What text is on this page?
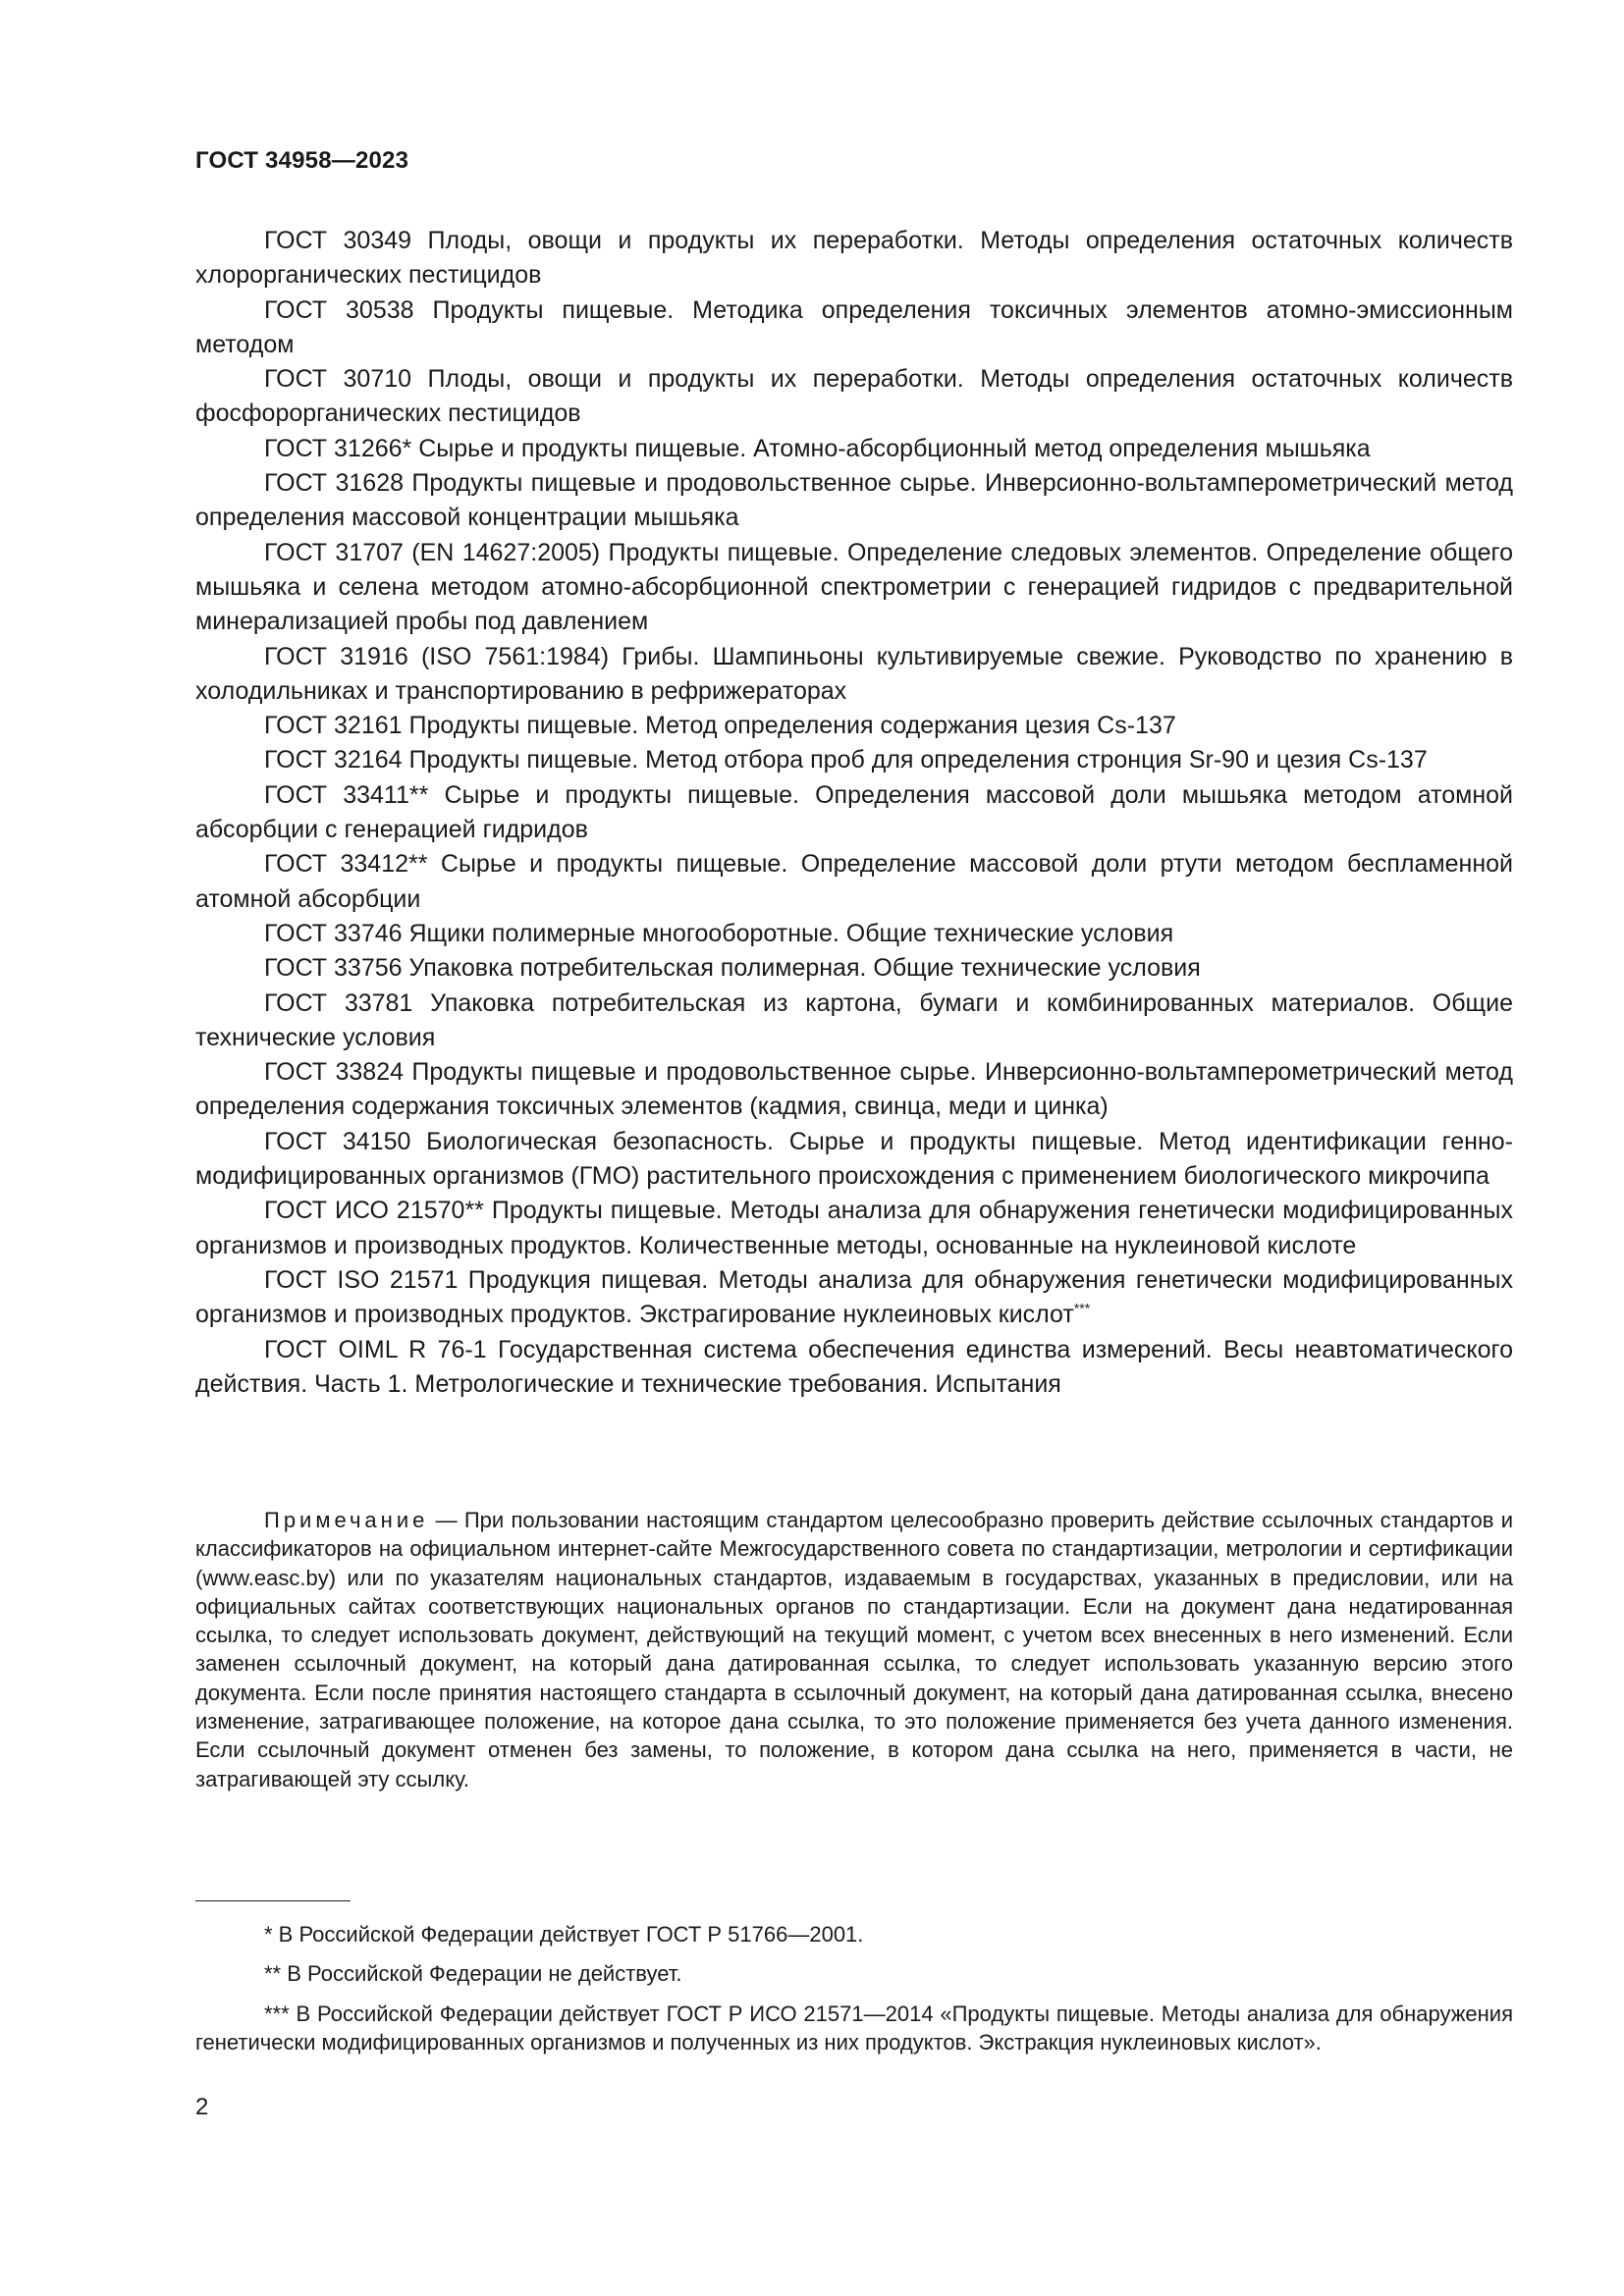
ГОСТ 34958—2023

ГОСТ 30349 Плоды, овощи и продукты их переработки. Методы определения остаточных количеств хлорорганических пестицидов

ГОСТ 30538 Продукты пищевые. Методика определения токсичных элементов атомно-эмиссионным методом

ГОСТ 30710 Плоды, овощи и продукты их переработки. Методы определения остаточных количеств фосфорорганических пестицидов

ГОСТ 31266* Сырье и продукты пищевые. Атомно-абсорбционный метод определения мышьяка

ГОСТ 31628 Продукты пищевые и продовольственное сырье. Инверсионно-вольтамперометрический метод определения массовой концентрации мышьяка

ГОСТ 31707 (EN 14627:2005) Продукты пищевые. Определение следовых элементов. Определение общего мышьяка и селена методом атомно-абсорбционной спектрометрии с генерацией гидридов с предварительной минерализацией пробы под давлением

ГОСТ 31916 (ISO 7561:1984) Грибы. Шампиньоны культивируемые свежие. Руководство по хранению в холодильниках и транспортированию в рефрижераторах

ГОСТ 32161 Продукты пищевые. Метод определения содержания цезия Cs-137

ГОСТ 32164 Продукты пищевые. Метод отбора проб для определения стронция Sr-90 и цезия Cs-137

ГОСТ 33411** Сырье и продукты пищевые. Определения массовой доли мышьяка методом атомной абсорбции с генерацией гидридов

ГОСТ 33412** Сырье и продукты пищевые. Определение массовой доли ртути методом беспламенной атомной абсорбции

ГОСТ 33746 Ящики полимерные многооборотные. Общие технические условия

ГОСТ 33756 Упаковка потребительская полимерная. Общие технические условия

ГОСТ 33781 Упаковка потребительская из картона, бумаги и комбинированных материалов. Общие технические условия

ГОСТ 33824 Продукты пищевые и продовольственное сырье. Инверсионно-вольтамперометрический метод определения содержания токсичных элементов (кадмия, свинца, меди и цинка)

ГОСТ 34150 Биологическая безопасность. Сырье и продукты пищевые. Метод идентификации генно-модифицированных организмов (ГМО) растительного происхождения с применением биологического микрочипа

ГОСТ ИСО 21570** Продукты пищевые. Методы анализа для обнаружения генетически модифицированных организмов и производных продуктов. Количественные методы, основанные на нуклеиновой кислоте

ГОСТ ISO 21571 Продукция пищевая. Методы анализа для обнаружения генетически модифицированных организмов и производных продуктов. Экстрагирование нуклеиновых кислот***

ГОСТ OIML R 76-1 Государственная система обеспечения единства измерений. Весы неавтоматического действия. Часть 1. Метрологические и технические требования. Испытания

Примечание — При пользовании настоящим стандартом целесообразно проверить действие ссылочных стандартов и классификаторов на официальном интернет-сайте Межгосударственного совета по стандартизации, метрологии и сертификации (www.easc.by) или по указателям национальных стандартов, издаваемым в государствах, указанных в предисловии, или на официальных сайтах соответствующих национальных органов по стандартизации. Если на документ дана недатированная ссылка, то следует использовать документ, действующий на текущий момент, с учетом всех внесенных в него изменений. Если заменен ссылочный документ, на который дана датированная ссылка, то следует использовать указанную версию этого документа. Если после принятия настоящего стандарта в ссылочный документ, на который дана датированная ссылка, внесено изменение, затрагивающее положение, на которое дана ссылка, то это положение применяется без учета данного изменения. Если ссылочный документ отменен без замены, то положение, в котором дана ссылка на него, применяется в части, не затрагивающей эту ссылку.

* В Российской Федерации действует ГОСТ Р 51766—2001.

** В Российской Федерации не действует.

*** В Российской Федерации действует ГОСТ Р ИСО 21571—2014 «Продукты пищевые. Методы анализа для обнаружения генетически модифицированных организмов и полученных из них продуктов. Экстракция нуклеиновых кислот».

2
